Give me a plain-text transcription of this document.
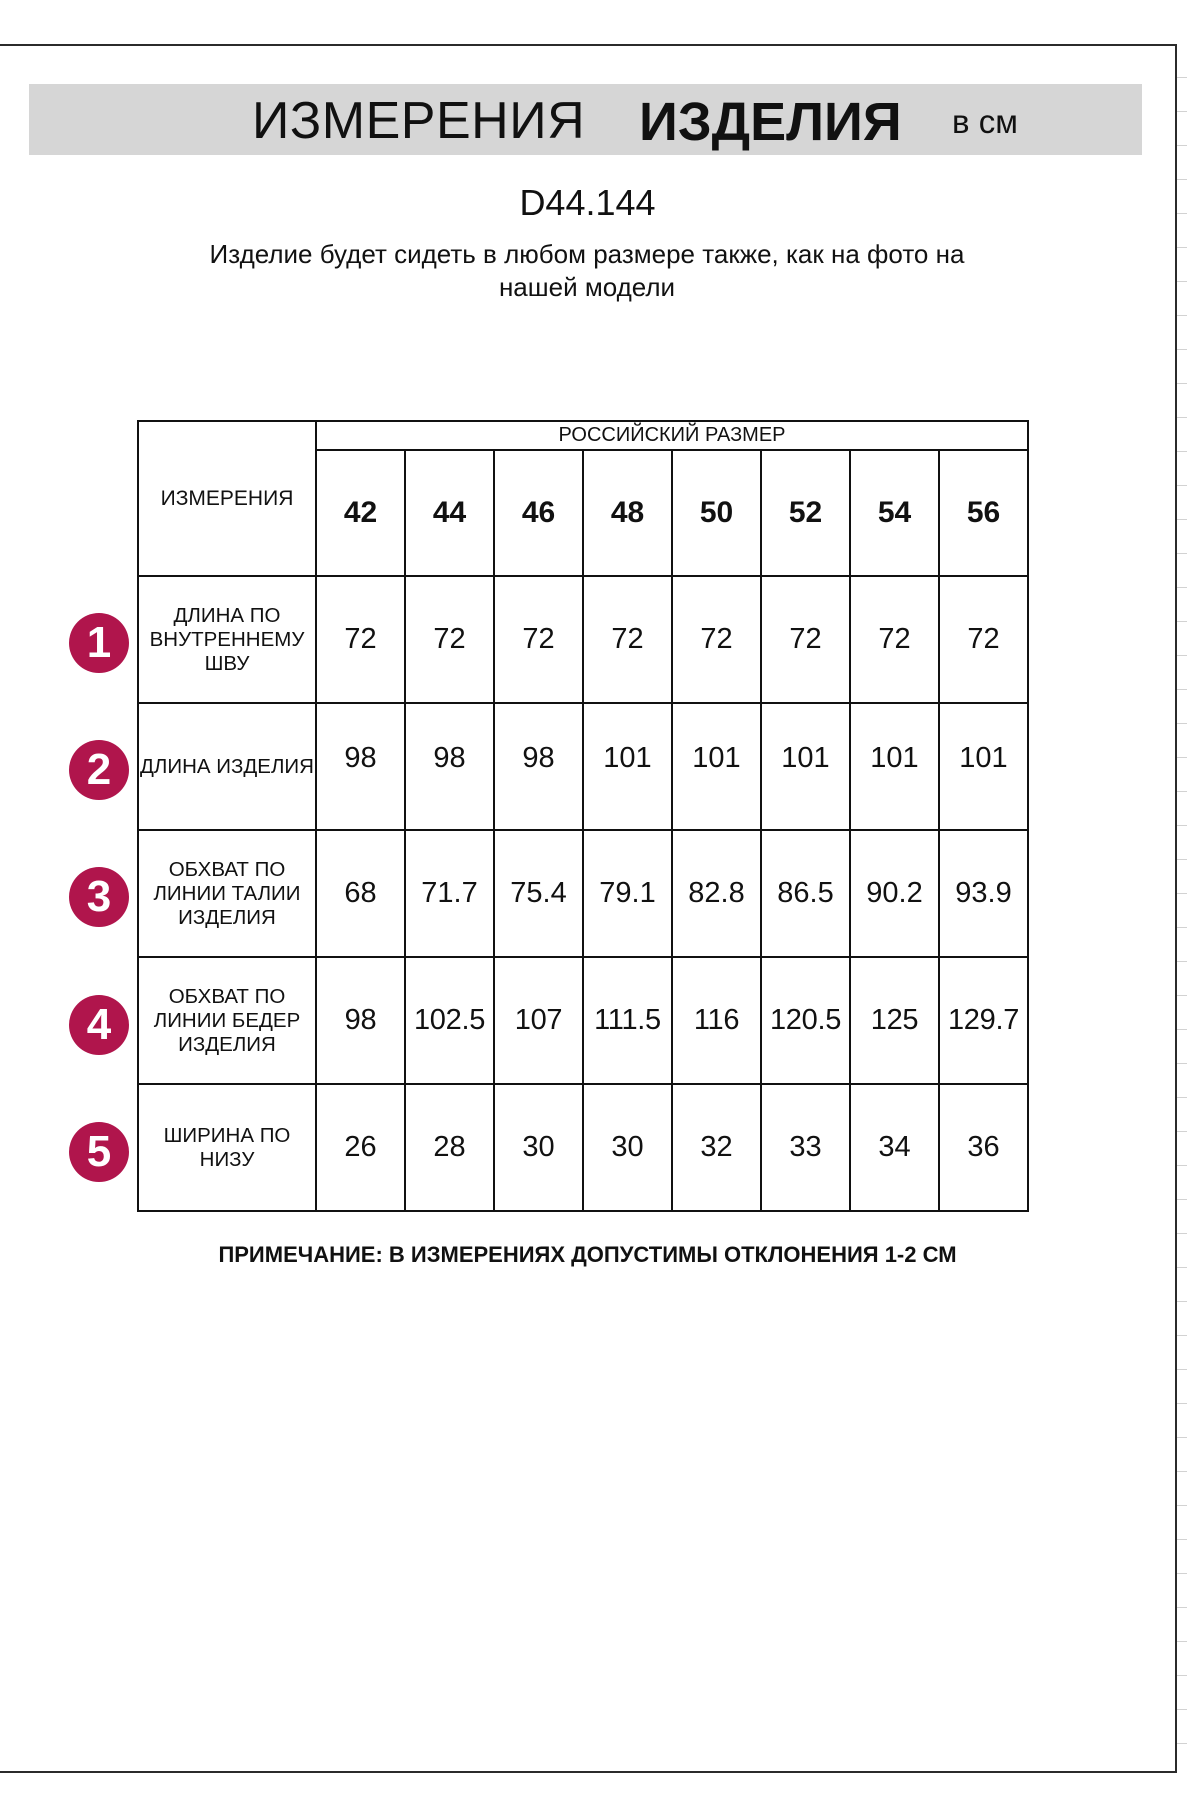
ИЗМЕРЕНИЯ ИЗДЕЛИЯ в см
D44.144
Изделие будет сидеть в любом размере также, как на фото на нашей модели
ИЗМЕРЕНИЯ	РОССИЙСКИЙ РАЗМЕР							
	42	44	46	48	50	52	54	56
ДЛИНА ПО ВНУТРЕННЕМУ ШВУ	72	72	72	72	72	72	72	72
ДЛИНА ИЗДЕЛИЯ	98	98	98	101	101	101	101	101
ОБХВАТ ПО ЛИНИИ ТАЛИИ ИЗДЕЛИЯ	68	71.7	75.4	79.1	82.8	86.5	90.2	93.9
ОБХВАТ ПО ЛИНИИ БЕДЕР ИЗДЕЛИЯ	98	102.5	107	111.5	116	120.5	125	129.7
ШИРИНА ПО НИЗУ	26	28	30	30	32	33	34	36
1
2
3
4
5
ПРИМЕЧАНИЕ: В ИЗМЕРЕНИЯХ ДОПУСТИМЫ ОТКЛОНЕНИЯ 1-2 СМ
